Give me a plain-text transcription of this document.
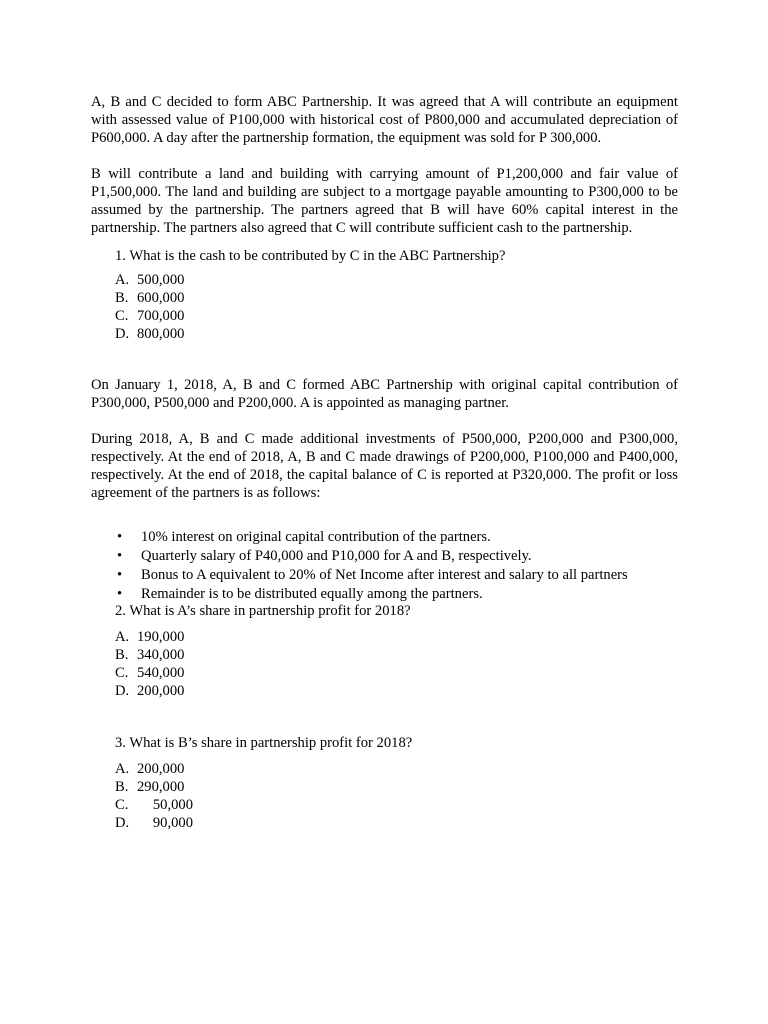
A, B and C decided to form ABC Partnership. It was agreed that A will contribute an equipment with assessed value of P100,000 with historical cost of P800,000 and accumulated depreciation of P600,000. A day after the partnership formation, the equipment was sold for P 300,000.

B will contribute a land and building with carrying amount of P1,200,000 and fair value of P1,500,000. The land and building are subject to a mortgage payable amounting to P300,000 to be assumed by the partnership. The partners agreed that B will have 60% capital interest in the partnership. The partners also agreed that C will contribute sufficient cash to the partnership.

1. What is the cash to be contributed by C in the ABC Partnership?

A. 500,000
B. 600,000
C. 700,000
D. 800,000

On January 1, 2018, A, B and C formed ABC Partnership with original capital contribution of P300,000, P500,000 and P200,000. A is appointed as managing partner.

During 2018, A, B and C made additional investments of P500,000, P200,000 and P300,000, respectively. At the end of 2018, A, B and C made drawings of P200,000, P100,000 and P400,000, respectively. At the end of 2018, the capital balance of C is reported at P320,000. The profit or loss agreement of the partners is as follows:

•
10% interest on original capital contribution of the partners.
•
Quarterly salary of P40,000 and P10,000 for A and B, respectively.
•
Bonus to A equivalent to 20% of Net Income after interest and salary to all partners
•
Remainder is to be distributed equally among the partners.

2. What is A’s share in partnership profit for 2018?

A. 190,000
B. 340,000
C. 540,000
D. 200,000

3. What is B’s share in partnership profit for 2018?

A. 200,000
B. 290,000
C.	50,000
D.	90,000
